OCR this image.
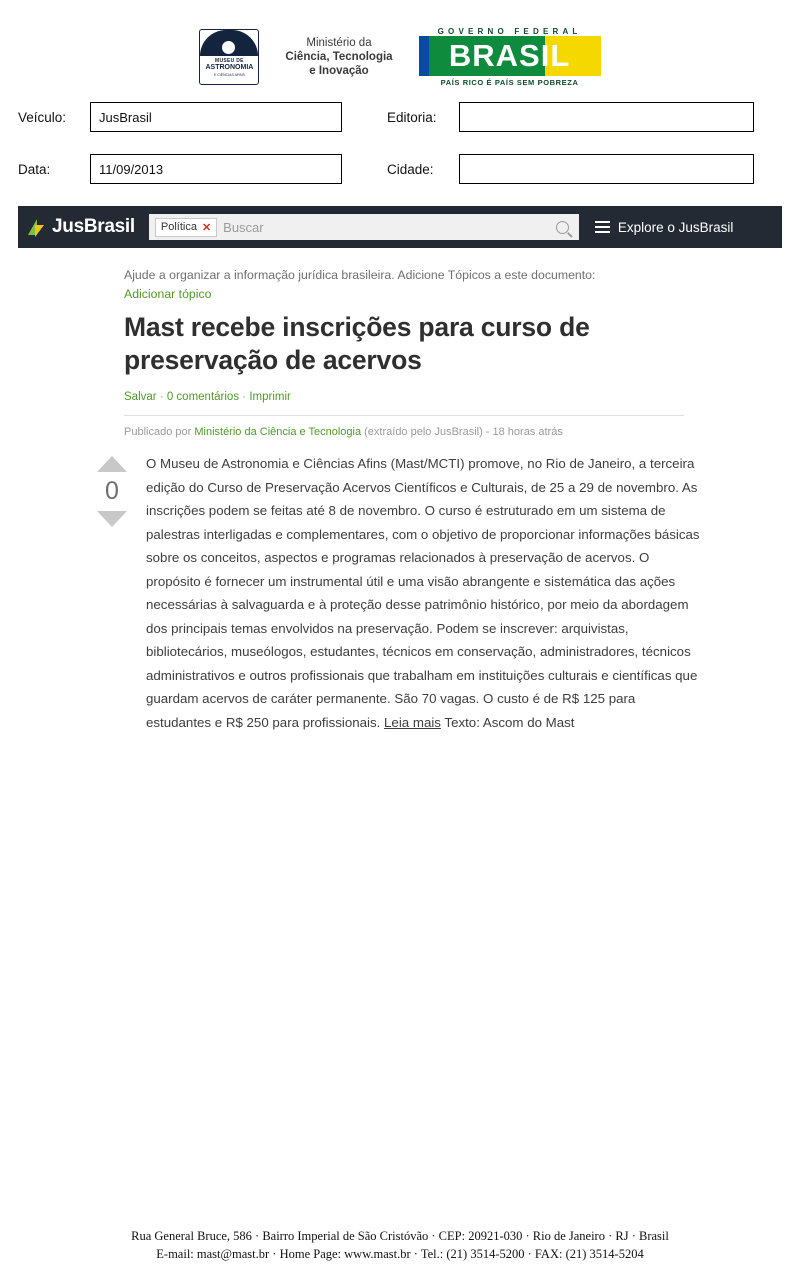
MUSEU DE
ASTRONOMIA
E CIÊNCIAS AFINS
Ministério da
Ciência, Tecnologia
e Inovação
GOVERNO FEDERAL
BRASIL
PAÍS RICO É PAÍS SEM POBREZA
Veículo:	JusBrasil	Editoria:
Data:	11/09/2013	Cidade:
JusBrasil Política ✕ Buscar	Explore o JusBrasil
Ajude a organizar a informação jurídica brasileira. Adicione Tópicos a este documento:
Adicionar tópico
Mast recebe inscrições para curso de preservação de acervos
Salvar · 0 comentários · Imprimir
Publicado por Ministério da Ciência e Tecnologia (extraído pelo JusBrasil) - 18 horas atrás
0
O Museu de Astronomia e Ciências Afins (Mast/MCTI) promove, no Rio de Janeiro, a terceira edição do Curso de Preservação Acervos Científicos e Culturais, de 25 a 29 de novembro. As inscrições podem se feitas até 8 de novembro. O curso é estruturado em um sistema de palestras interligadas e complementares, com o objetivo de proporcionar informações básicas sobre os conceitos, aspectos e programas relacionados à preservação de acervos. O propósito é fornecer um instrumental útil e uma visão abrangente e sistemática das ações necessárias à salvaguarda e à proteção desse patrimônio histórico, por meio da abordagem dos principais temas envolvidos na preservação. Podem se inscrever: arquivistas, bibliotecários, museólogos, estudantes, técnicos em conservação, administradores, técnicos administrativos e outros profissionais que trabalham em instituições culturais e científicas que guardam acervos de caráter permanente. São 70 vagas. O custo é de R$ 125 para estudantes e R$ 250 para profissionais. Leia mais Texto: Ascom do Mast
Rua General Bruce, 586 · Bairro Imperial de São Cristóvão · CEP: 20921-030 · Rio de Janeiro · RJ · Brasil
E-mail: mast@mast.br · Home Page: www.mast.br · Tel.: (21) 3514-5200 · FAX: (21) 3514-5204
